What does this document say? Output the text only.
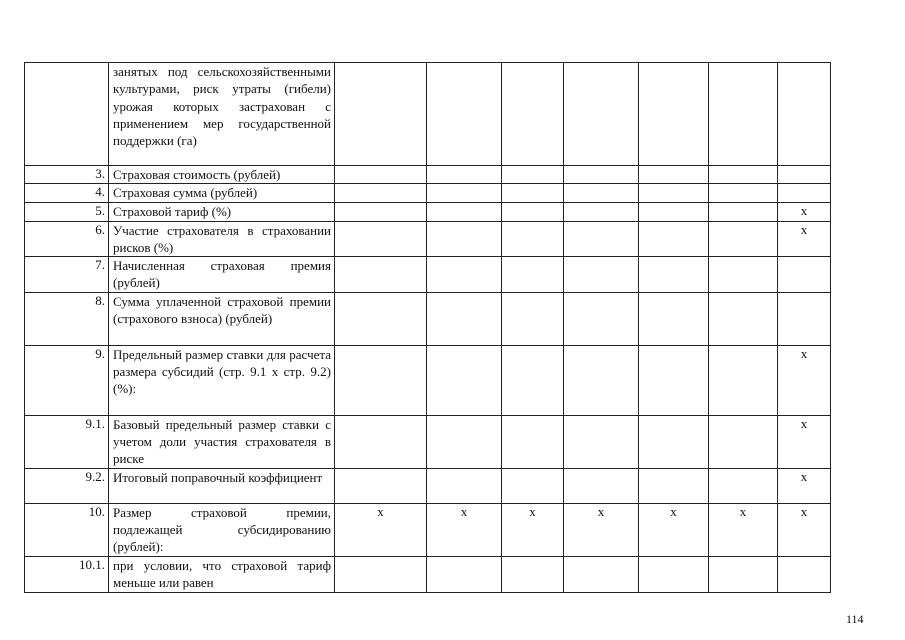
	занятых под сельскохозяйственными культурами, риск утраты (гибели) урожая которых застрахован с применением мер государственной поддержки (га)							
3.	Страховая стоимость (рублей)							
4.	Страховая сумма (рублей)							
5.	Страховой тариф (%)							x
6.	Участие страхователя в страховании рисков (%)							x
7.	Начисленная страховая премия (рублей)							
8.	Сумма уплаченной страховой премии (страхового взноса) (рублей)							
9.	Предельный размер ставки для расчета размера субсидий (стр. 9.1 х стр. 9.2) (%):							x
9.1.	Базовый предельный размер ставки с учетом доли участия страхователя в риске							x
9.2.	Итоговый поправочный коэффициент							x
10.	Размер страховой премии, подлежащей субсидированию (рублей):	x	x	x	x	x	x	x
10.1.	при условии, что страховой тариф меньше или равен							
114
